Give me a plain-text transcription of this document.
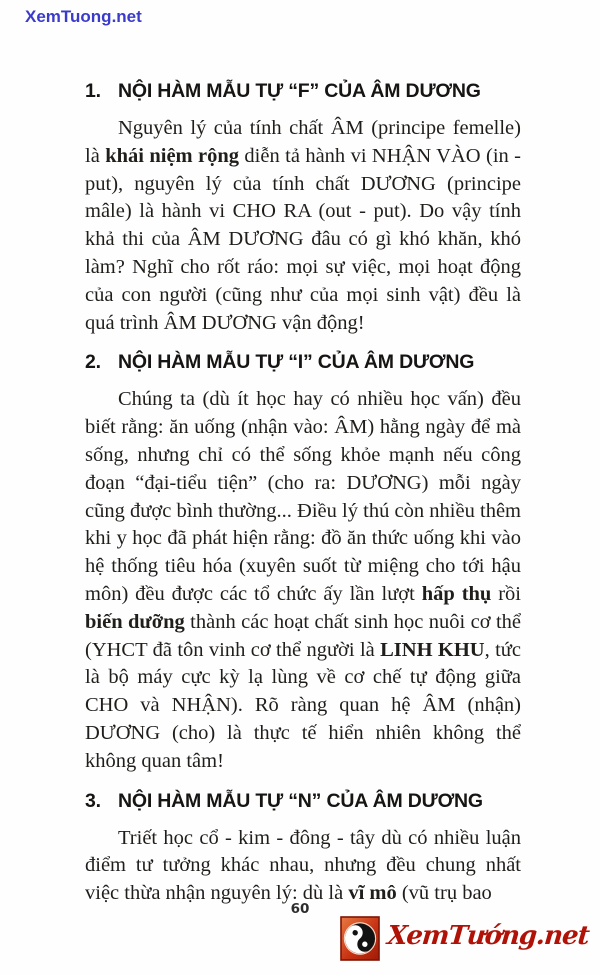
XemTuong.net
1. NỘI HÀM MẪU TỰ “F” CỦA ÂM DƯƠNG

Nguyên lý của tính chất ÂM (principe femelle) là khái niệm rộng diễn tả hành vi NHẬN VÀO (in - put), nguyên lý của tính chất DƯƠNG (principe mâle) là hành vi CHO RA (out - put). Do vậy tính khả thi của ÂM DƯƠNG đâu có gì khó khăn, khó làm? Nghĩ cho rốt ráo: mọi sự việc, mọi hoạt động của con người (cũng như của mọi sinh vật) đều là quá trình ÂM DƯƠNG vận động!

2. NỘI HÀM MẪU TỰ “I” CỦA ÂM DƯƠNG

Chúng ta (dù ít học hay có nhiều học vấn) đều biết rằng: ăn uống (nhận vào: ÂM) hằng ngày để mà sống, nhưng chỉ có thể sống khỏe mạnh nếu công đoạn “đại-tiểu tiện” (cho ra: DƯƠNG) mỗi ngày cũng được bình thường... Điều lý thú còn nhiều thêm khi y học đã phát hiện rằng: đồ ăn thức uống khi vào hệ thống tiêu hóa (xuyên suốt từ miệng cho tới hậu môn) đều được các tổ chức ấy lần lượt hấp thụ rồi biến dưỡng thành các hoạt chất sinh học nuôi cơ thể (YHCT đã tôn vinh cơ thể người là LINH KHU, tức là bộ máy cực kỳ lạ lùng về cơ chế tự động giữa CHO và NHẬN). Rõ ràng quan hệ ÂM (nhận) DƯƠNG (cho) là thực tế hiển nhiên không thể không quan tâm!

3. NỘI HÀM MẪU TỰ “N” CỦA ÂM DƯƠNG

Triết học cổ - kim - đông - tây dù có nhiều luận điểm tư tưởng khác nhau, nhưng đều chung nhất việc thừa nhận nguyên lý: dù là vĩ mô (vũ trụ bao

60
XemTướng.net
